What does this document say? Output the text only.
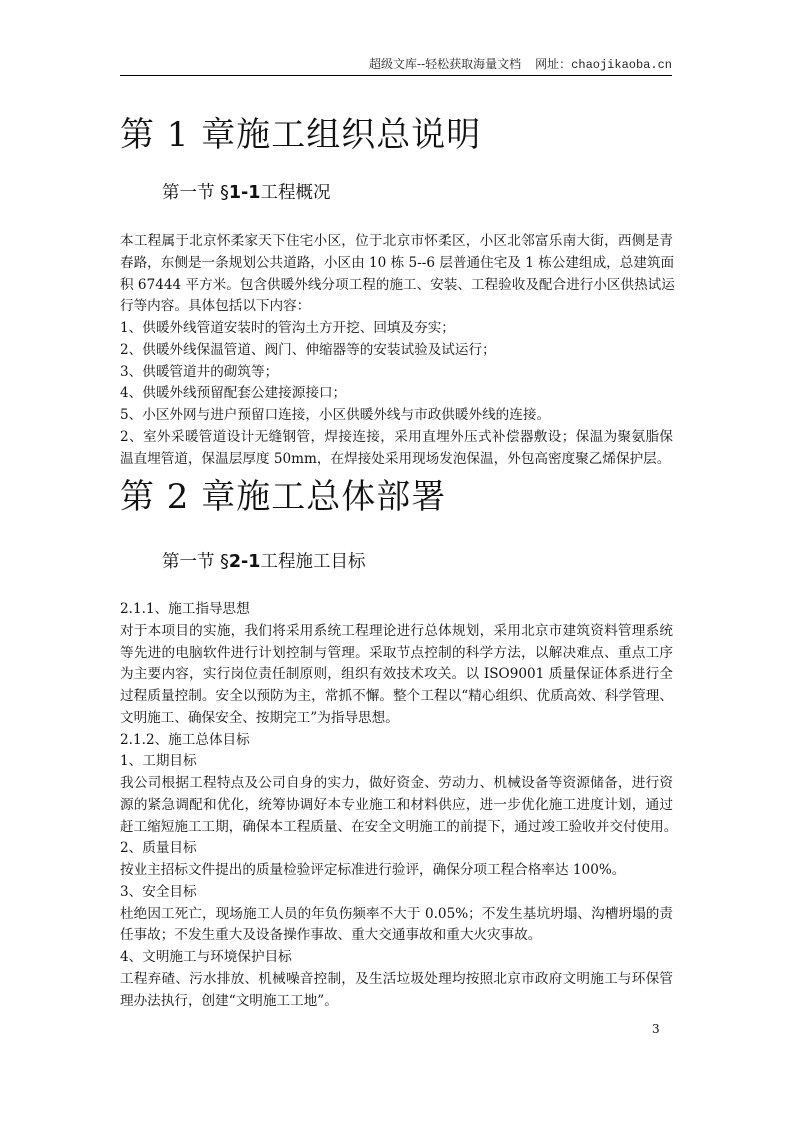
超级文库--轻松获取海量文档 网址：chaojikaoba.cn
第 1 章施工组织总说明
第一节 §1-1工程概况
本工程属于北京怀柔家天下住宅小区，位于北京市怀柔区，小区北邻富乐南大街，西侧是青
春路，东侧是一条规划公共道路，小区由 10 栋 5--6 层普通住宅及 1 栋公建组成，总建筑面
积 67444 平方米。包含供暖外线分项工程的施工、安装、工程验收及配合进行小区供热试运
行等内容。具体包括以下内容：
1、供暖外线管道安装时的管沟土方开挖、回填及夯实；
2、供暖外线保温管道、阀门、伸缩器等的安装试验及试运行；
3、供暖管道井的砌筑等；
4、供暖外线预留配套公建接源接口；
5、小区外网与进户预留口连接，小区供暖外线与市政供暖外线的连接。
2、室外采暖管道设计无缝钢管，焊接连接，采用直埋外压式补偿器敷设；保温为聚氨脂保
温直埋管道，保温层厚度 50mm，在焊接处采用现场发泡保温，外包高密度聚乙烯保护层。
第 2 章施工总体部署
第一节 §2-1工程施工目标
2.1.1、施工指导思想
对于本项目的实施，我们将采用系统工程理论进行总体规划，采用北京市建筑资料管理系统
等先进的电脑软件进行计划控制与管理。采取节点控制的科学方法，以解决难点、重点工序
为主要内容，实行岗位责任制原则，组织有效技术攻关。以 ISO9001 质量保证体系进行全
过程质量控制。安全以预防为主，常抓不懈。整个工程以“精心组织、优质高效、科学管理、
文明施工、确保安全、按期完工”为指导思想。
2.1.2、施工总体目标
1、工期目标
我公司根据工程特点及公司自身的实力，做好资金、劳动力、机械设备等资源储备，进行资
源的紧急调配和优化，统筹协调好本专业施工和材料供应，进一步优化施工进度计划，通过
赶工缩短施工工期，确保本工程质量、在安全文明施工的前提下，通过竣工验收并交付使用。
2、质量目标
按业主招标文件提出的质量检验评定标准进行验评，确保分项工程合格率达 100%。
3、安全目标
杜绝因工死亡，现场施工人员的年负伤频率不大于 0.05%；不发生基坑坍塌、沟槽坍塌的责
任事故；不发生重大及设备操作事故、重大交通事故和重大火灾事故。
4、文明施工与环境保护目标
工程弃碴、污水排放、机械噪音控制，及生活垃圾处理均按照北京市政府文明施工与环保管
理办法执行，创建“文明施工工地”。
3
